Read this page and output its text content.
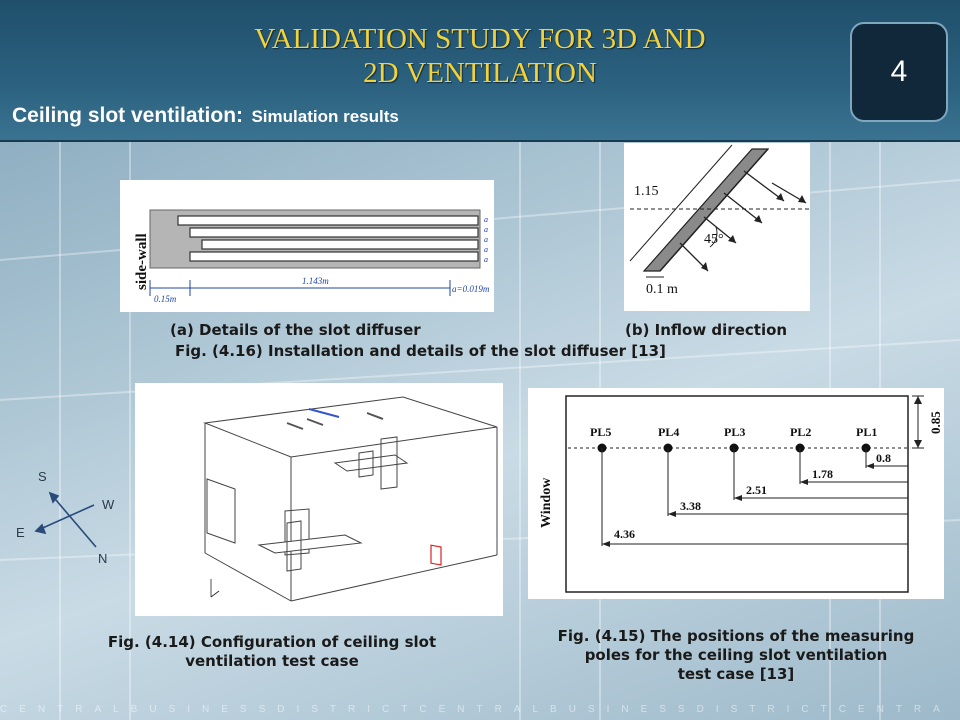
VALIDATION STUDY FOR 3D AND
2D VENTILATION
Ceiling slot ventilation: Simulation results
4
side-wall
a
a
a
a
a
0.15m
1.143m
a=0.019m
1.15
45°
0.1 m
(a) Details of the slot diffuser	(b) Inflow direction
Fig. (4.16) Installation and details of the slot diffuser [13]
S
W
E
N
Window
0.85
PL5	PL4	PL3	PL2	PL1
0.8
1.78
2.51
3.38
4.36
Fig. (4.14) Configuration of ceiling slot
ventilation test case
Fig. (4.15) The positions of the measuring
poles for the ceiling slot ventilation
test case [13]
CENTRALBUSINESSDISTRICTCENTRALBUSINESSDISTRICTCENTRA
